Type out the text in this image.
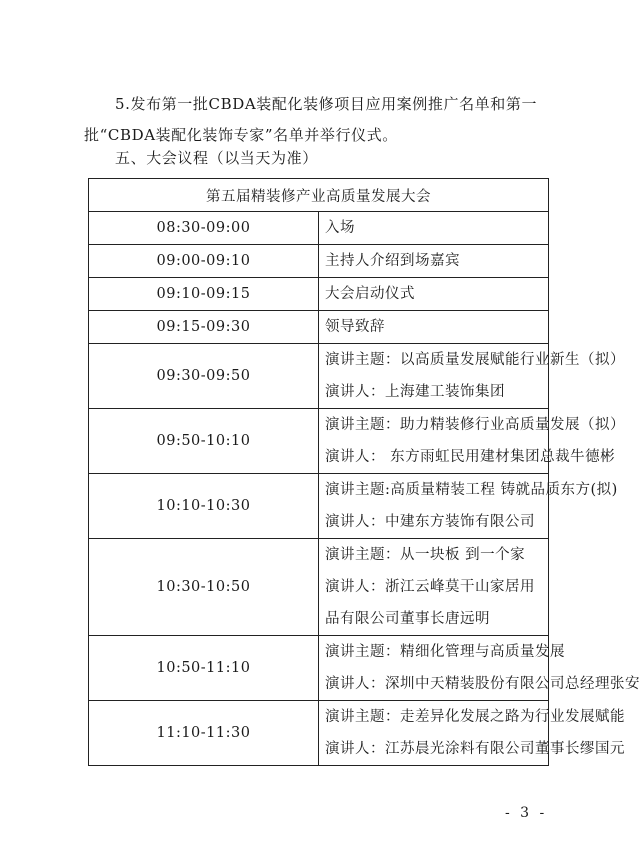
5.发布第一批CBDA装配化装修项目应用案例推广名单和第一批“CBDA装配化装饰专家”名单并举行仪式。

五、大会议程（以当天为准）
第五届精装修产业高质量发展大会	
08:30-09:00	入场

09:00-09:10	主持人介绍到场嘉宾

09:10-09:15	大会启动仪式

09:15-09:30	领导致辞

09:30-09:50	演讲主题：以高质量发展赋能行业新生（拟）
演讲人：上海建工装饰集团

09:50-10:10	演讲主题：助力精装修行业高质量发展（拟）
演讲人： 东方雨虹民用建材集团总裁牛德彬

10:10-10:30	演讲主题:高质量精装工程 铸就品质东方(拟)
演讲人：中建东方装饰有限公司

10:30-10:50	演讲主题：从一块板 到一个家
演讲人：浙江云峰莫干山家居用品有限公司董事长唐远明

10:50-11:10	演讲主题：精细化管理与高质量发展
演讲人：深圳中天精装股份有限公司总经理张安

11:10-11:30	演讲主题：走差异化发展之路为行业发展赋能
演讲人：江苏晨光涂料有限公司董事长缪国元
- 3 -
